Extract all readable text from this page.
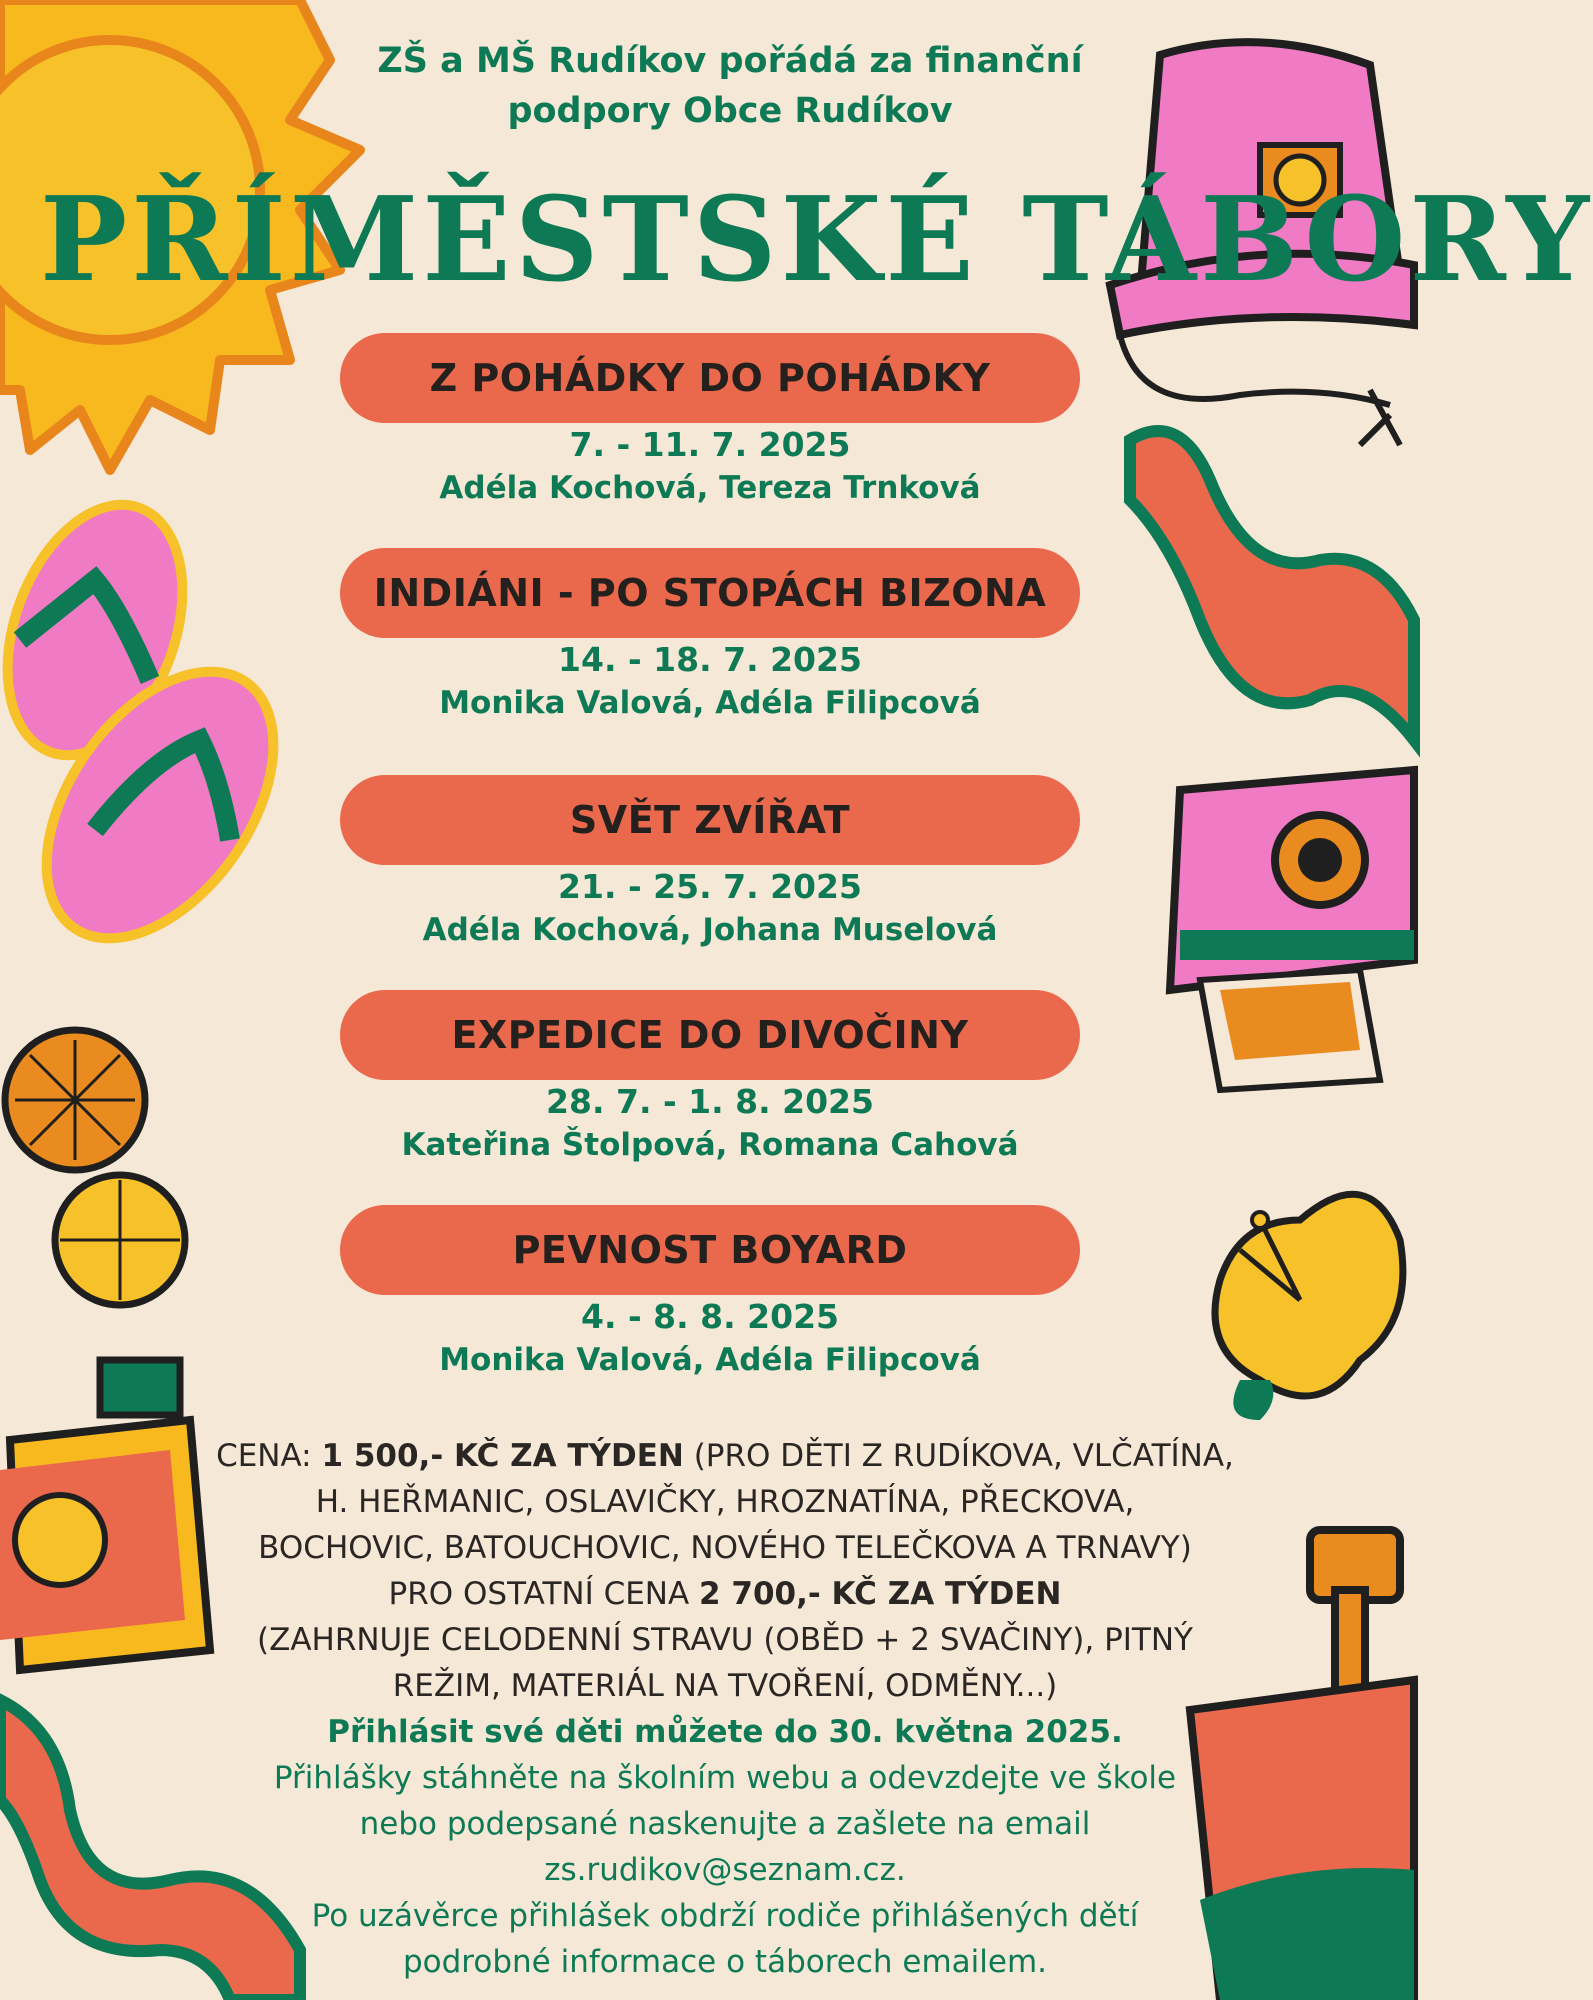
ZŠ a MŠ Rudíkov pořádá za finanční
podpory Obce Rudíkov
PŘÍMĚSTSKÉ TÁBORY
Z POHÁDKY DO POHÁDKY
7. - 11. 7. 2025
Adéla Kochová, Tereza Trnková
INDIÁNI - PO STOPÁCH BIZONA
14. - 18. 7. 2025
Monika Valová, Adéla Filipcová
SVĚT ZVÍŘAT
21. - 25. 7. 2025
Adéla Kochová, Johana Muselová
EXPEDICE DO DIVOČINY
28. 7. - 1. 8. 2025
Kateřina Štolpová, Romana Cahová
PEVNOST BOYARD
4. - 8. 8. 2025
Monika Valová, Adéla Filipcová
CENA: 1 500,- KČ ZA TÝDEN (PRO DĚTI Z RUDÍKOVA, VLČATÍNA,
H. HEŘMANIC, OSLAVIČKY, HROZNATÍNA, PŘECKOVA,
BOCHOVIC, BATOUCHOVIC, NOVÉHO TELEČKOVA A TRNAVY)
PRO OSTATNÍ CENA 2 700,- KČ ZA TÝDEN
(ZAHRNUJE CELODENNÍ STRAVU (OBĚD + 2 SVAČINY), PITNÝ
REŽIM, MATERIÁL NA TVOŘENÍ, ODMĚNY...)
Přihlásit své děti můžete do 30. května 2025.
Přihlášky stáhněte na školním webu a odevzdejte ve škole
nebo podepsané naskenujte a zašlete na email
zs.rudikov@seznam.cz.
Po uzávěrce přihlášek obdrží rodiče přihlášených dětí
podrobné informace o táborech emailem.
